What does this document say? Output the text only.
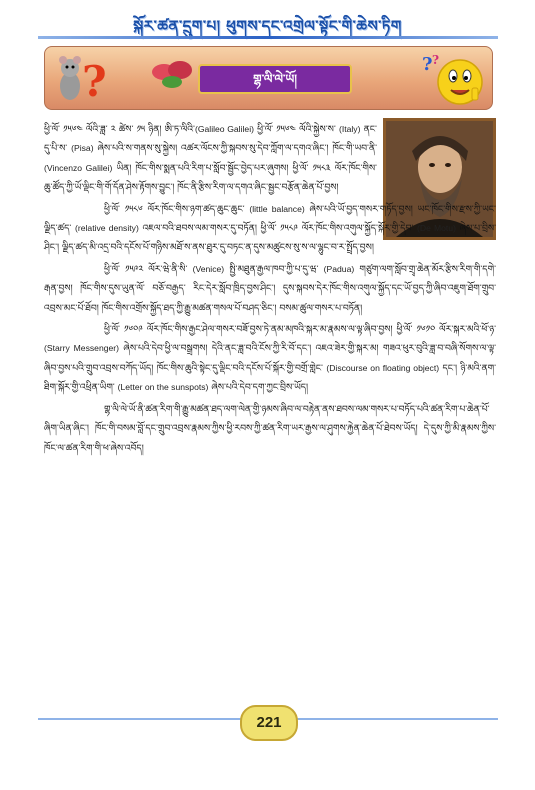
སྐོར་ཚན་དྲུག་པ། ཕུགས་དང་འགྲེལ་སྟོང་གི་ཆེས་ཏིག
?	གྷ་ལི་ལེ་ཡོ།
? ?

ཕྱི་ལོ་ ༡༥༦༤ ལོའི་ཟླ་ ༢ ཚེས་ ༡༥ ཉིན། ཨི་ཏ་ལིའི་(Galileo Galilei) ཕྱི་ལོ་ ༡༥༦༤ ལོའི་སྐྱེས་ས་ (Italy) ནང་དུ་པི་ས་ (Pisa) ཞེས་པའི་ས་གནས་སུ་སྐྱེས། འཚར་ལོངས་ཀྱི་སྐབས་སུ་དེབ་ཀློག་ལ་དགའ་ཞིང་། ཁོང་གི་ཡབ་ནི་ (Vincenzo Galilei) ཡིན། ཁོང་གིས་སྨན་པའི་རིག་པ་སློབ་སྦྱོང་བྱེད་པར་ཞུགས། ཕྱི་ལོ་ ༡༥༨༣ ལོར་ཁོང་གིས་ཆུ་ཚོད་ཀྱི་ཡོ་ལྡིང་གི་གོ་དོན་ཤེས་རྟོགས་བྱུང་། ཁོང་ནི་རྩིས་རིག་ལ་དགའ་ཞིང་སྦྱང་བརྩོན་ཆེན་པོ་བྱས།

ཕྱི་ལོ་ ༡༥༨༦ ལོར་ཁོང་གིས་ཉག་ཚད་ཆུང་ཆུང་ (little balance) ཞེས་པའི་ཡོ་བྱད་གསར་གཏོད་བྱས། ཡང་ཁོང་གིས་རྫས་ཀྱི་ཡང་ལྗིད་ཚད་ (relative density) འཇལ་བའི་ཐབས་ལམ་གསར་དུ་བཏོན། ཕྱི་ལོ་ ༡༥༨༩ ལོར་ཁོང་གིས་འགུལ་སྐྱོད་སྐོར་གྱི་དེབ་ (De Motu) ཞེས་པ་བྲིས་ཤིང་། ལྗིད་ཚད་མི་འདྲ་བའི་དངོས་པོ་གཉིས་མཐོ་ས་ནས་ཐུར་དུ་བཏང་ན་དུས་མཚུངས་སུ་ས་ལ་ལྷུང་བ་ར་སྤྲོད་བྱས།

ཕྱི་ལོ་ ༡༥༩༢ ལོར་ཝེ་ནི་སི་ (Venice) སྤྱི་མཐུན་རྒྱལ་ཁབ་ཀྱི་པ་དུ་ཝ་ (Padua) གཙུག་ལག་སློབ་གྲྭ་ཆེན་མོར་རྩིས་རིག་གི་དགེ་རྒན་བྱས། ཁོང་གིས་དུས་ཡུན་ལོ་ བཅོ་བརྒྱད་ རིང་དེར་སློབ་ཁྲིད་བྱས་ཤིང་། དུས་སྐབས་དེར་ཁོང་གིས་འགུལ་སྐྱོད་དང་ཡོ་བྱད་ཀྱི་ཞིབ་འཇུག་ཐོག་གྲུབ་འབྲས་མང་པོ་ཐོབ། ཁོང་གིས་འགྲོས་སྐྱོད་ཐད་ཀྱི་རྒྱུ་མཚན་གསལ་པོ་བཤད་ཅིང་། བསམ་ཚུལ་གསར་པ་བཏོན།

ཕྱི་ལོ་ ༡༦༠༩ ལོར་ཁོང་གིས་རྒྱང་ཤེལ་གསར་བཟོ་བྱས་ཏེ་ནམ་མཁའི་སྐར་མ་རྣམས་ལ་ལྟ་ཞིབ་བྱས། ཕྱི་ལོ་ ༡༦༡༠ ལོར་སྐར་མའི་ཕོ་ཉ་ (Starry Messenger) ཞེས་པའི་དེབ་ཕྱི་ལ་བསྒྲགས། དེའི་ནང་ཟླ་བའི་ངོས་ཀྱི་རི་བོ་དང་། འཇའ་ཟེར་གྱི་སྐར་མ། གཟའ་ཕུར་བུའི་ཟླ་བ་བཞི་སོགས་ལ་ལྟ་ཞིབ་བྱས་པའི་གྲུབ་འབྲས་བཀོད་ཡོད། ཁོང་གིས་ཆུའི་སྟེང་དུ་ལྡིང་བའི་དངོས་པོ་སྐོར་གྱི་བགྲོ་གླེང་ (Discourse on floating object) དང་། ཉི་མའི་ནག་ཐིག་སྐོར་གྱི་འཕྲིན་ཡིག་ (Letter on the sunspots) ཞེས་པའི་དེབ་དག་ཀྱང་བྲིས་ཡོད།

གྷ་ལི་ལེ་ཡོ་ནི་ཚན་རིག་གི་རྒྱུ་མཚན་ཐད་ལག་ལེན་གྱི་ཉམས་ཞིབ་ལ་བརྟེན་ནས་ཐབས་ལམ་གསར་པ་བཏོད་པའི་ཚན་རིག་པ་ཆེན་པོ་ཞིག་ཡིན་ཞིང་། ཁོང་གི་བསམ་བློ་དང་གྲུབ་འབྲས་རྣམས་ཀྱིས་ཕྱི་རབས་ཀྱི་ཚན་རིག་ཡར་རྒྱས་ལ་ཤུགས་རྐྱེན་ཆེན་པོ་ཐེབས་ཡོད། དེ་དུས་ཀྱི་མི་རྣམས་ཀྱིས་ཁོང་ལ་ཚན་རིག་གི་ཕ་ཞེས་འབོད།

221
